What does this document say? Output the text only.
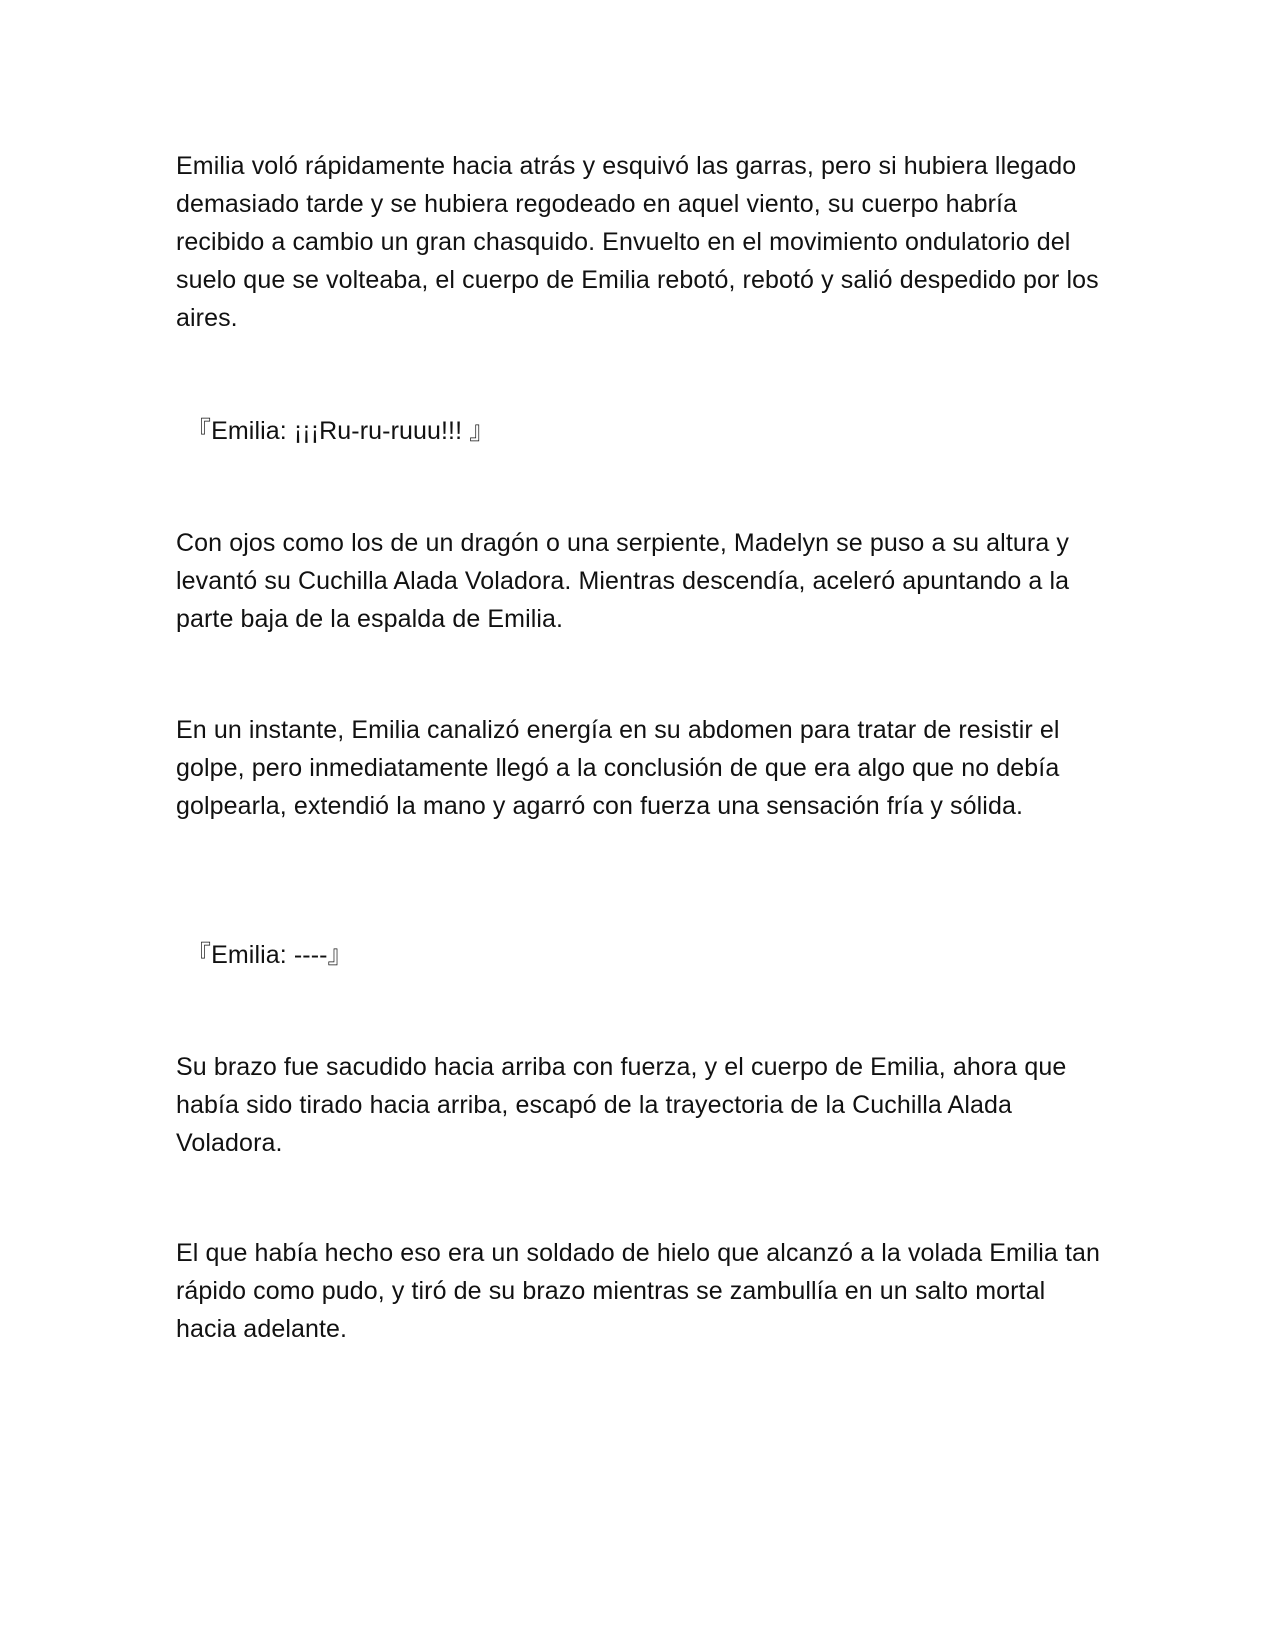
Emilia voló rápidamente hacia atrás y esquivó las garras, pero si hubiera llegado demasiado tarde y se hubiera regodeado en aquel viento, su cuerpo habría recibido a cambio un gran chasquido. Envuelto en el movimiento ondulatorio del suelo que se volteaba, el cuerpo de Emilia rebotó, rebotó y salió despedido por los aires.

『Emilia: ¡¡¡Ru-ru-ruuu!!! 』

Con ojos como los de un dragón o una serpiente, Madelyn se puso a su altura y levantó su Cuchilla Alada Voladora. Mientras descendía, aceleró apuntando a la parte baja de la espalda de Emilia.

En un instante, Emilia canalizó energía en su abdomen para tratar de resistir el golpe, pero inmediatamente llegó a la conclusión de que era algo que no debía golpearla, extendió la mano y agarró con fuerza una sensación fría y sólida.

『Emilia: ----』

Su brazo fue sacudido hacia arriba con fuerza, y el cuerpo de Emilia, ahora que había sido tirado hacia arriba, escapó de la trayectoria de la Cuchilla Alada Voladora.

El que había hecho eso era un soldado de hielo que alcanzó a la volada Emilia tan rápido como pudo, y tiró de su brazo mientras se zambullía en un salto mortal hacia adelante.
